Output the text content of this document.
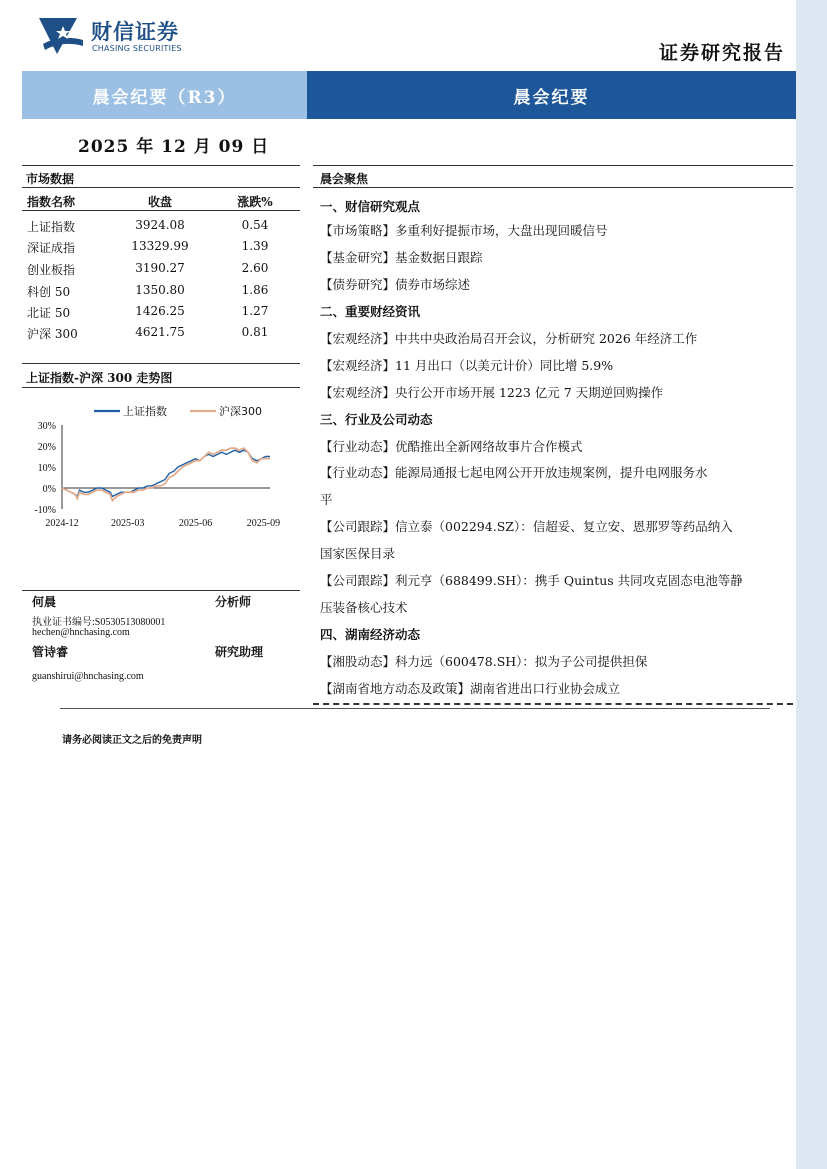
财信证券
CHASING SECURITIES	证券研究报告
晨会纪要（R3）	晨会纪要
2025 年 12 月 09 日
市场数据
指数名称	收盘	涨跌%
上证指数	3924.08	0.54
深证成指	13329.99	1.39
创业板指	3190.27	2.60
科创 50	1350.80	1.86
北证 50	1426.25	1.27
沪深 300	4621.75	0.81
上证指数-沪深 300 走势图
30%
20%
10%
0%
-10%
2024-12	2025-03	2025-06	2025-09
上证指数	沪深300
何晨	分析师
执业证书编号:S0530513080001
hechen@hnchasing.com
管诗睿	研究助理
guanshirui@hnchasing.com
晨会聚焦
一、财信研究观点
【市场策略】多重利好提振市场，大盘出现回暖信号
【基金研究】基金数据日跟踪
【债券研究】债券市场综述
二、重要财经资讯
【宏观经济】中共中央政治局召开会议，分析研究 2026 年经济工作
【宏观经济】11 月出口（以美元计价）同比增 5.9%
【宏观经济】央行公开市场开展 1223 亿元 7 天期逆回购操作
三、行业及公司动态
【行业动态】优酷推出全新网络故事片合作模式
【行业动态】能源局通报七起电网公开开放违规案例，提升电网服务水
平
【公司跟踪】信立泰（002294.SZ）：信超妥、复立安、恩那罗等药品纳入
国家医保目录
【公司跟踪】利元亨（688499.SH）：携手 Quintus 共同攻克固态电池等静
压装备核心技术
四、湖南经济动态
【湘股动态】科力远（600478.SH）：拟为子公司提供担保
【湖南省地方动态及政策】湖南省进出口行业协会成立
请务必阅读正文之后的免责声明
